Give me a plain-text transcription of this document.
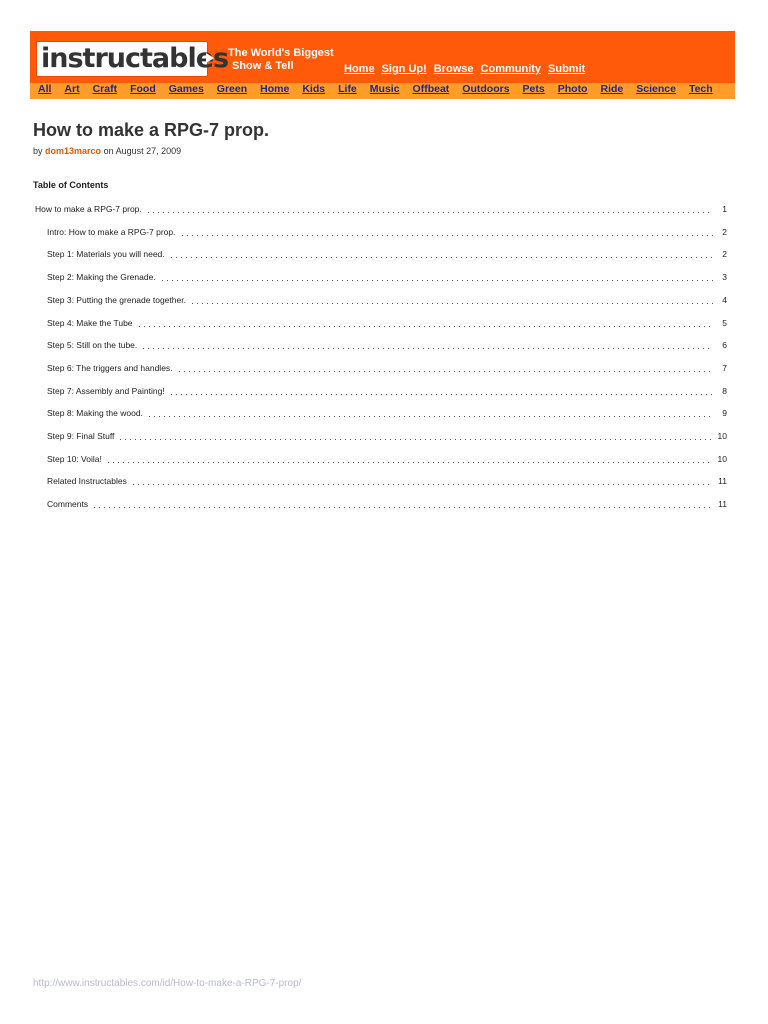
instructables The World's Biggest
Show & Tell	Home Sign Up! Browse Community Submit
All Art Craft Food Games Green Home Kids Life Music Offbeat Outdoors Pets Photo Ride Science Tech
How to make a RPG-7 prop.
by dom13marco on August 27, 2009
Table of Contents
How to make a RPG-7 prop.	1
Intro: How to make a RPG-7 prop.	2
Step 1: Materials you will need.	2
Step 2: Making the Grenade.	3
Step 3: Putting the grenade together.	4
Step 4: Make the Tube	5
Step 5: Still on the tube.	6
Step 6: The triggers and handles.	7
Step 7: Assembly and Painting!	8
Step 8: Making the wood.	9
Step 9: Final Stuff	10
Step 10: Voila!	10
Related Instructables	11
Comments	11
http://www.instructables.com/id/How-to-make-a-RPG-7-prop/
